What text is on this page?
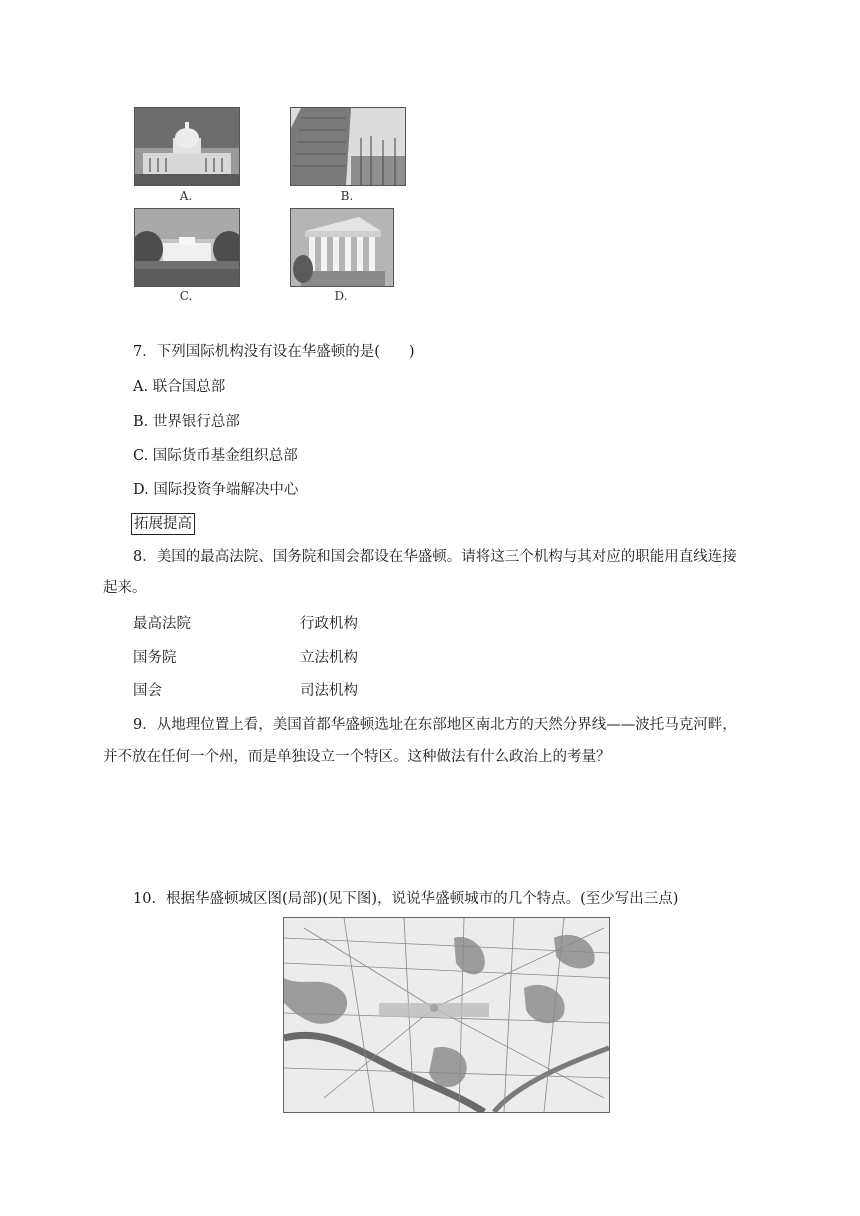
A.	B.
C.	D.
7．下列国际机构没有设在华盛顿的是(　　)
A. 联合国总部
B. 世界银行总部
C. 国际货币基金组织总部
D. 国际投资争端解决中心
拓展提高
8．美国的最高法院、国务院和国会都设在华盛顿。请将这三个机构与其对应的职能用直线连接
起来。
最高法院	行政机构
国务院	立法机构
国会	司法机构
9．从地理位置上看，美国首都华盛顿选址在东部地区南北方的天然分界线——波托马克河畔，
并不放在任何一个州，而是单独设立一个特区。这种做法有什么政治上的考量？
10．根据华盛顿城区图(局部)(见下图)，说说华盛顿城市的几个特点。(至少写出三点)
